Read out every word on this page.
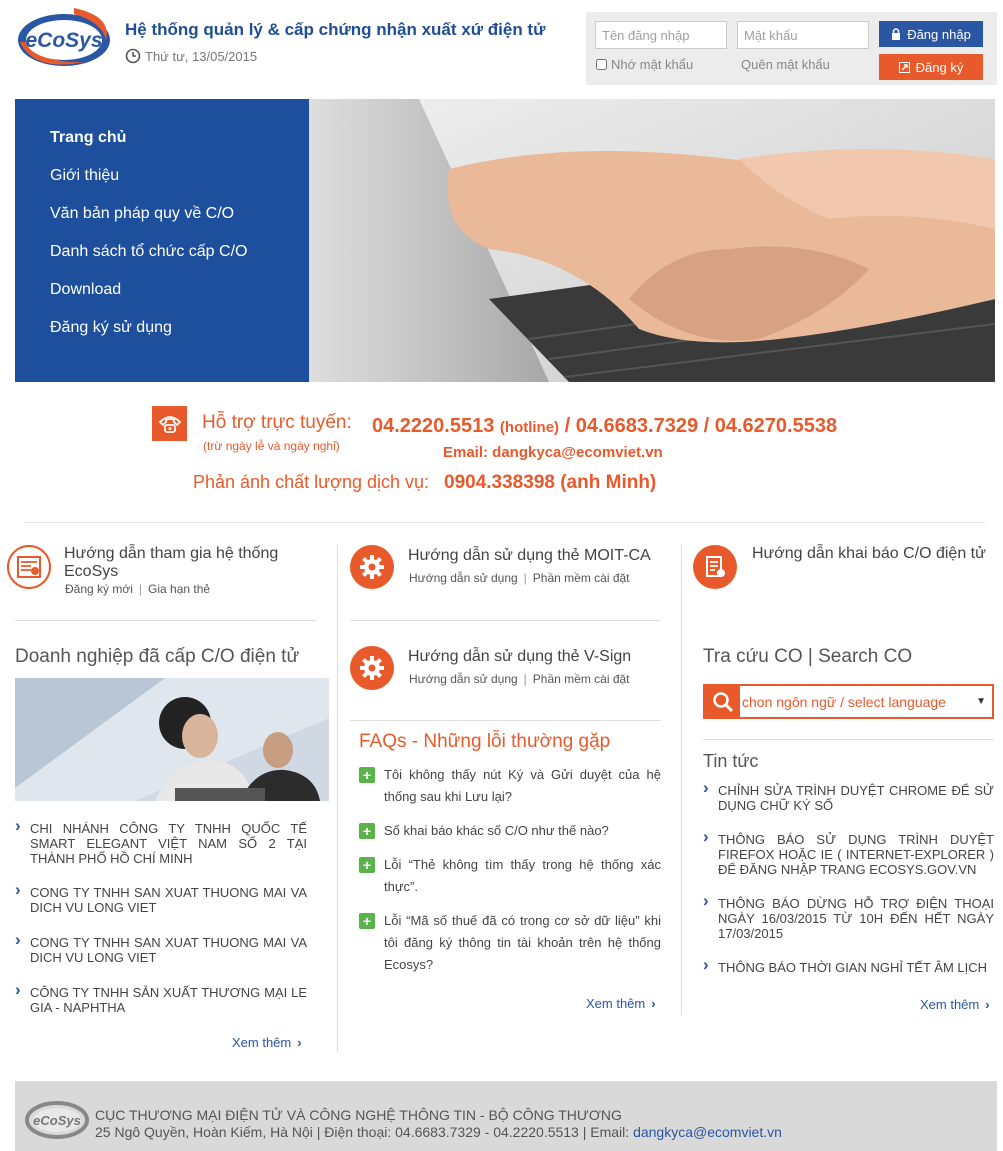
eCoSys Hệ thống quản lý & cấp chứng nhận xuất xứ điện tử
Thứ tư, 13/05/2015
Tên đăng nhập
Đăng nhập
Đăng ký
Nhớ mật khẩu	Quên mật khẩu
Trang chủ
Giới thiệu
Văn bản pháp quy về C/O
Danh sách tổ chức cấp C/O
Download
Đăng ký sử dụng
Hỗ trợ trực tuyến:
(trừ ngày lễ và ngày nghỉ)
04.2220.5513 (hotline) / 04.6683.7329 / 04.6270.5538
Email: dangkyca@ecomviet.vn
Phản ánh chất lượng dịch vụ: 0904.338398 (anh Minh)
Hướng dẫn tham gia hệ thống EcoSys
Đăng ký mới | Gia hạn thẻ
Hướng dẫn sử dụng thẻ MOIT-CA
Hướng dẫn sử dụng | Phần mềm cài đặt
Hướng dẫn khai báo C/O điện tử
Hướng dẫn sử dụng thẻ V-Sign
Hướng dẫn sử dụng | Phần mềm cài đặt
Doanh nghiệp đã cấp C/O điện tử
› CHI NHÁNH CÔNG TY TNHH QUỐC TẾ SMART ELEGANT VIỆT NAM SỐ 2 TẠI THÀNH PHỐ HỒ CHÍ MINH
› CONG TY TNHH SAN XUAT THUONG MAI VA DICH VU LONG VIET
› CONG TY TNHH SAN XUAT THUONG MAI VA DICH VU LONG VIET
› CÔNG TY TNHH SẢN XUẤT THƯƠNG MẠI LE GIA - NAPHTHA
Xem thêm ›
FAQs - Những lỗi thường gặp
+ Tôi không thấy nút Ký và Gửi duyệt của hệ thống sau khi Lưu lại?
+ Số khai báo khác số C/O như thế nào?
+ Lỗi “Thẻ không tìm thấy trong hệ thống xác thực”.
+ Lỗi “Mã số thuế đã có trong cơ sở dữ liệu” khi tôi đăng ký thông tin tài khoản trên hệ thống Ecosys?
Xem thêm ›
Tra cứu CO | Search CO
chon ngôn ngữ / select language	▼
Tin tức
› CHỈNH SỬA TRÌNH DUYỆT CHROME ĐỂ SỬ DỤNG CHỮ KÝ SỐ
› THÔNG BÁO SỬ DỤNG TRÌNH DUYỆT FIREFOX HOẶC IE ( INTERNET-EXPLORER ) ĐỂ ĐĂNG NHẬP TRANG ECOSYS.GOV.VN
› THÔNG BÁO DỪNG HỖ TRỢ ĐIỆN THOẠI NGÀY 16/03/2015 TỪ 10H ĐẾN HẾT NGÀY 17/03/2015
› THÔNG BÁO THỜI GIAN NGHỈ TẾT ÂM LỊCH
Xem thêm ›
eCoSys CỤC THƯƠNG MẠI ĐIỆN TỬ VÀ CÔNG NGHỆ THÔNG TIN - BỘ CÔNG THƯƠNG
25 Ngô Quyền, Hoàn Kiếm, Hà Nội | Điện thoại: 04.6683.7329 - 04.2220.5513 | Email: dangkyca@ecomviet.vn
